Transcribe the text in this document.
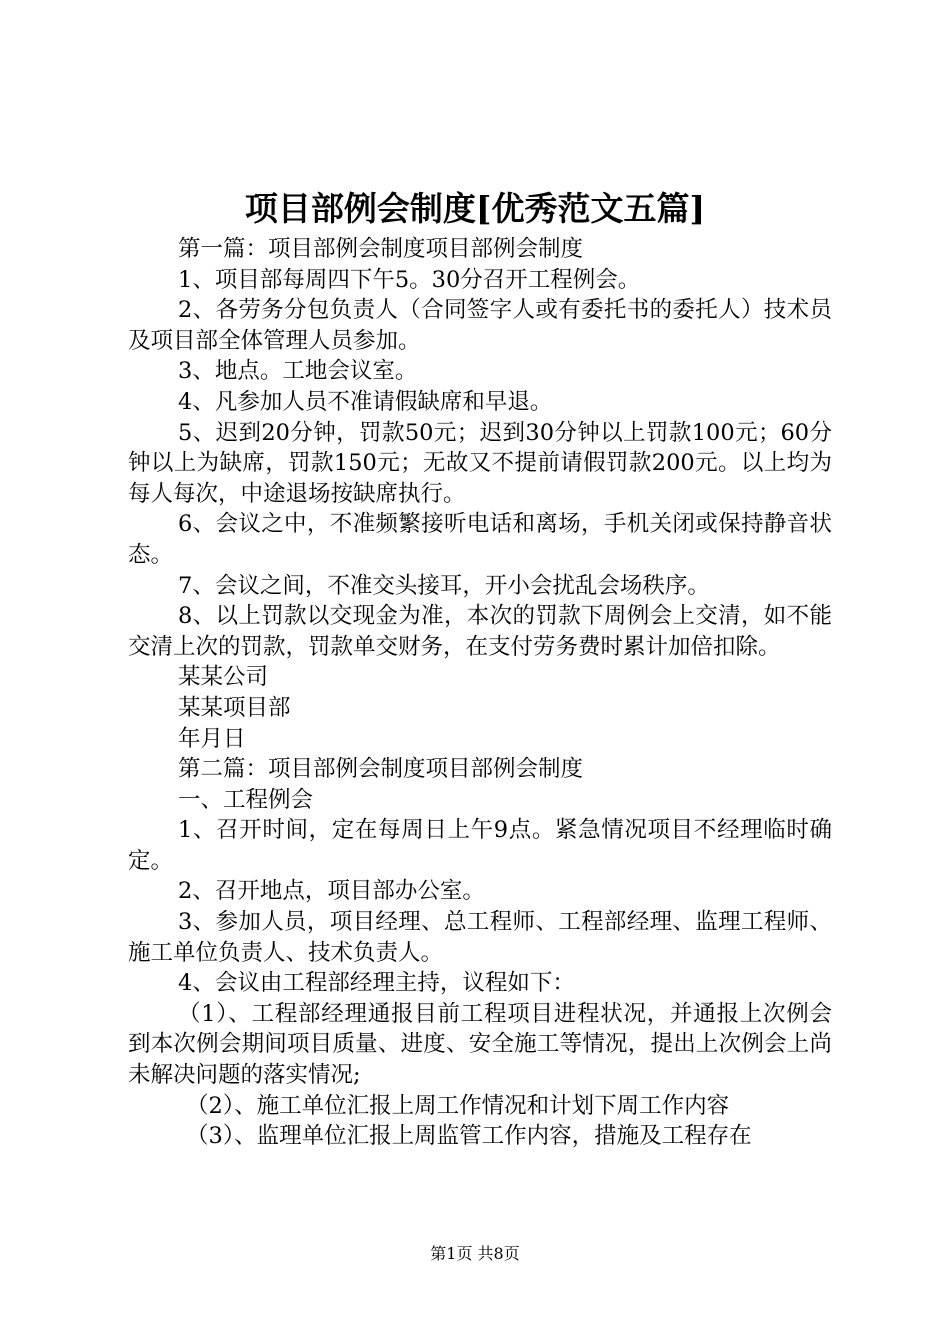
项目部例会制度[优秀范文五篇]

第一篇：项目部例会制度项目部例会制度

1、项目部每周四下午5。30分召开工程例会。

2、各劳务分包负责人（合同签字人或有委托书的委托人）技术员及项目部全体管理人员参加。

3、地点。工地会议室。

4、凡参加人员不准请假缺席和早退。

5、迟到20分钟，罚款50元；迟到30分钟以上罚款100元；60分钟以上为缺席，罚款150元；无故又不提前请假罚款200元。以上均为每人每次，中途退场按缺席执行。

6、会议之中，不准频繁接听电话和离场，手机关闭或保持静音状态。

7、会议之间，不准交头接耳，开小会扰乱会场秩序。

8、以上罚款以交现金为准，本次的罚款下周例会上交清，如不能交清上次的罚款，罚款单交财务，在支付劳务费时累计加倍扣除。

某某公司

某某项目部

年月日

第二篇：项目部例会制度项目部例会制度

一、工程例会

1、召开时间，定在每周日上午9点。紧急情况项目不经理临时确定。

2、召开地点，项目部办公室。

3、参加人员，项目经理、总工程师、工程部经理、监理工程师、施工单位负责人、技术负责人。

4、会议由工程部经理主持，议程如下：

（1）、工程部经理通报目前工程项目进程状况，并通报上次例会到本次例会期间项目质量、进度、安全施工等情况，提出上次例会上尚未解决问题的落实情况;

（2）、施工单位汇报上周工作情况和计划下周工作内容

（3）、监理单位汇报上周监管工作内容，措施及工程存在

第1页 共8页
